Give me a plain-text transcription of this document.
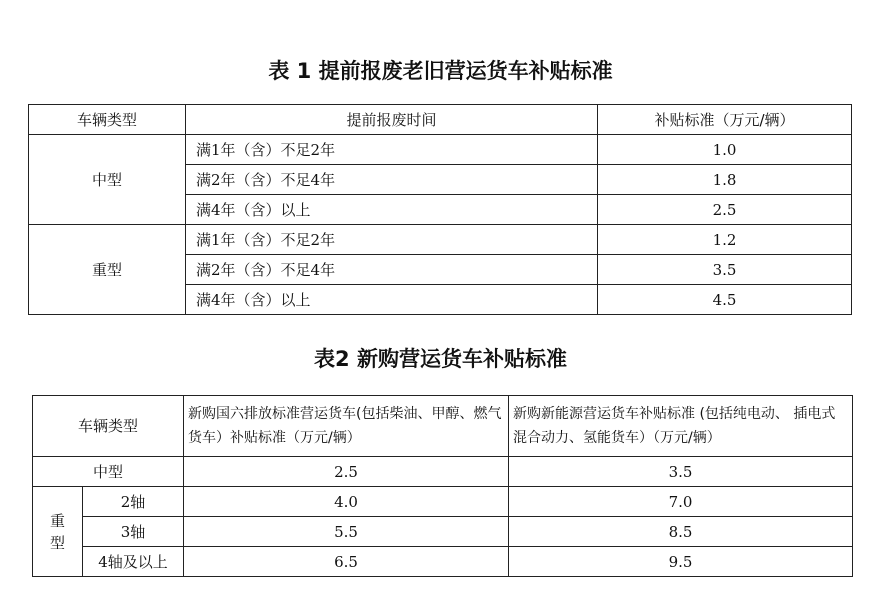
表 1 提前报废老旧营运货车补贴标准
车辆类型	提前报废时间	补贴标准（万元/辆）
中型	满1年（含）不足2年	1.0
	满2年（含）不足4年	1.8
	满4年（含）以上	2.5
重型	满1年（含）不足2年	1.2
	满2年（含）不足4年	3.5
	满4年（含）以上	4.5
表2 新购营运货车补贴标准
车辆类型		新购国六排放标准营运货车(包括柴油、甲醇、燃气货车）补贴标准（万元/辆）	新购新能源营运货车补贴标准 (包括纯电动、 插电式混合动力、氢能货车）（万元/辆）
中型		2.5	3.5

重型	2轴	4.0	7.0
	3轴	5.5	8.5
	4轴及以上	6.5	9.5
